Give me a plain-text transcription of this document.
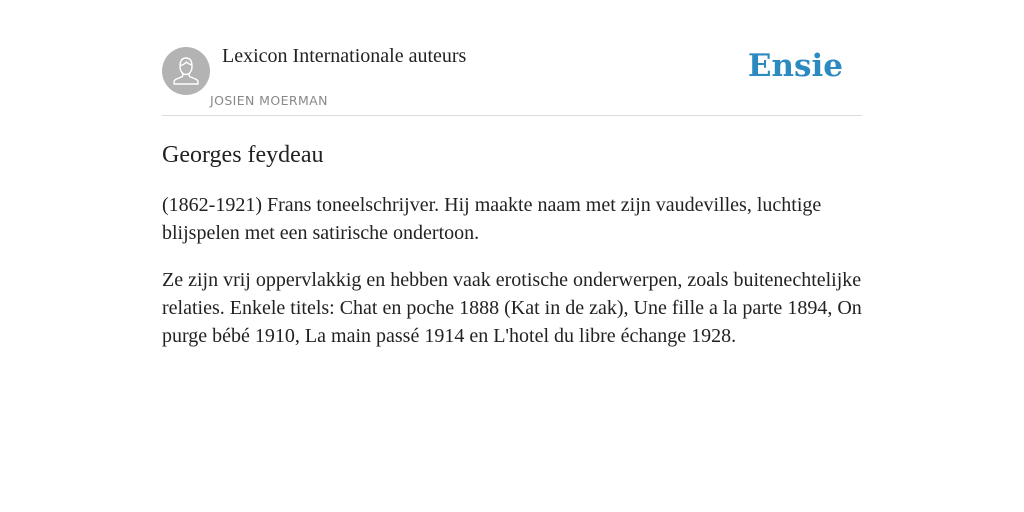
Lexicon Internationale auteurs
JOSIEN MOERMAN
Ensie
Georges feydeau

(1862-1921) Frans toneelschrijver. Hij maakte naam met zijn vaudevilles, luchtige blijspelen met een satirische ondertoon.

Ze zijn vrij oppervlakkig en hebben vaak erotische onderwerpen, zoals buitenechtelijke relaties. Enkele titels: Chat en poche 1888 (Kat in de zak), Une fille a la parte 1894, On purge bébé 1910, La main passé 1914 en L'hotel du libre échange 1928.
